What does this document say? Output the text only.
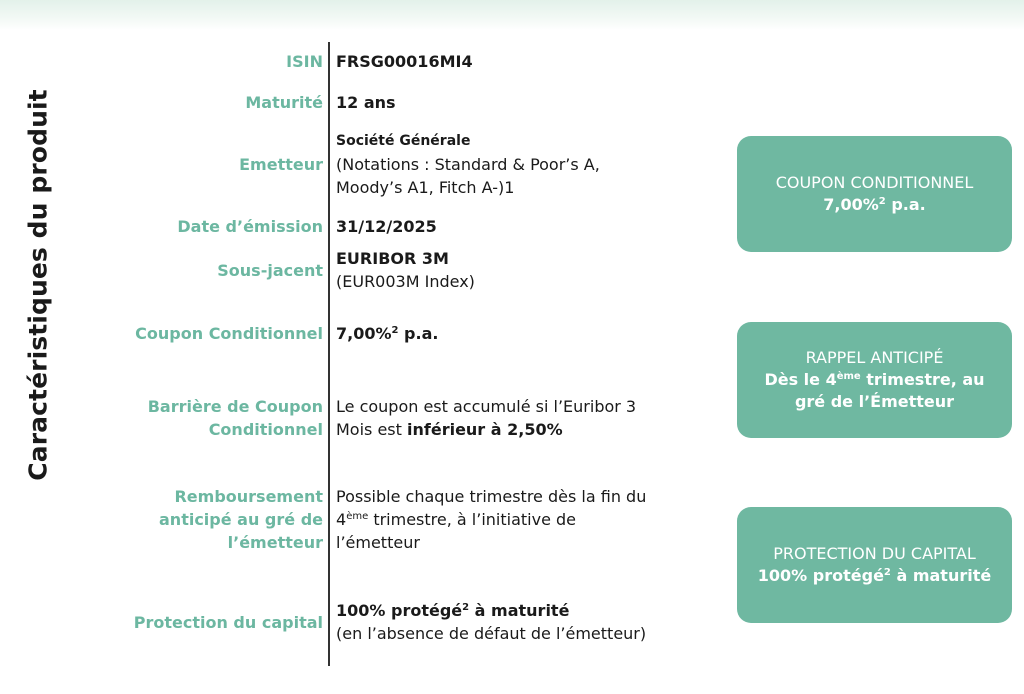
Caractéristiques du produit
ISIN FRSG00016MI4
Maturité 12 ans
Emetteur
Société Générale
(Notations : Standard & Poor’s A,
Moody’s A1, Fitch A-)1
Date d’émission 31/12/2025
Sous-jacent
EURIBOR 3M
(EUR003M Index)
Coupon Conditionnel 7,00%$^2$ p.a.
Barrière de Coupon
Conditionnel
Le coupon est accumulé si l’Euribor 3
Mois est inférieur à 2,50%
Remboursement
anticipé au gré de
l’émetteur
Possible chaque trimestre dès la fin du
4ème trimestre, à l’initiative de
l’émetteur
Protection du capital
100% protégé$^2$ à maturité
(en l’absence de défaut de l’émetteur)
COUPON CONDITIONNEL
7,00%$^2$ p.a.
RAPPEL ANTICIPÉ
Dès le 4ème trimestre, au
gré de l’Émetteur
PROTECTION DU CAPITAL
100% protégé$^2$ à maturité
